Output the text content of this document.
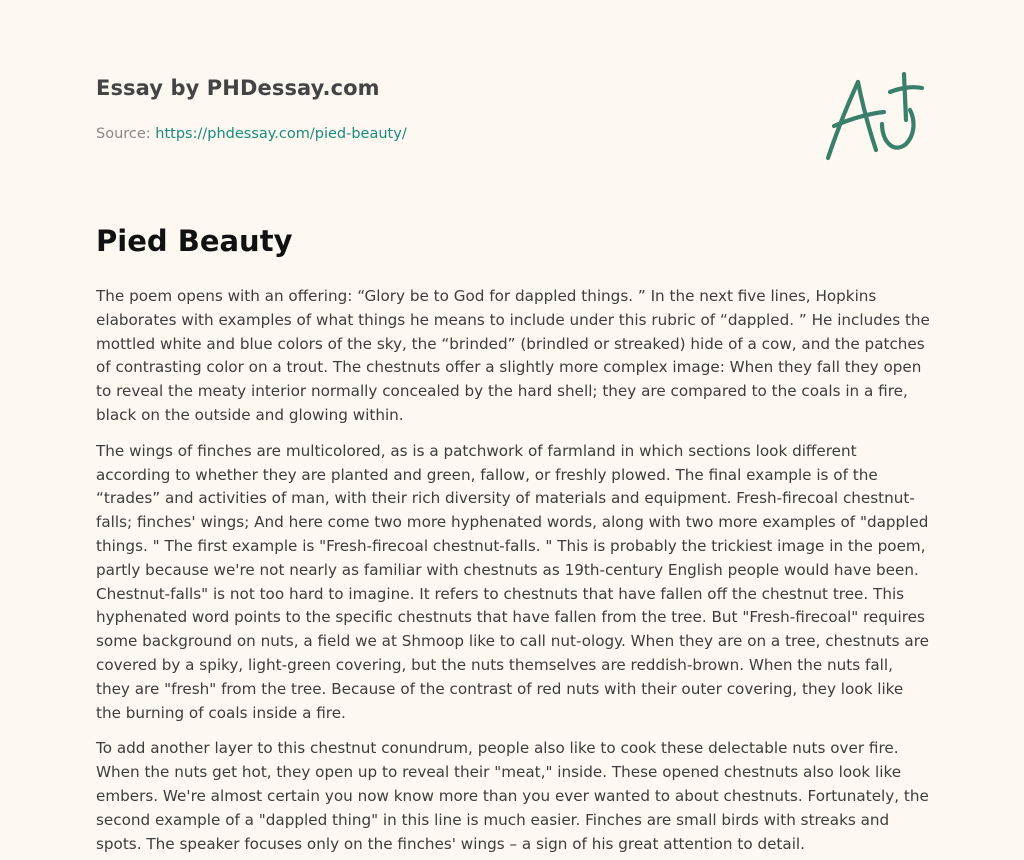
Essay by PHDessay.com
Source: https://phdessay.com/pied-beauty/
Pied Beauty

The poem opens with an offering: “Glory be to God for dappled things. ” In the next five lines, Hopkins elaborates with examples of what things he means to include under this rubric of “dappled. ” He includes the mottled white and blue colors of the sky, the “brinded” (brindled or streaked) hide of a cow, and the patches of contrasting color on a trout. The chestnuts offer a slightly more complex image: When they fall they open to reveal the meaty interior normally concealed by the hard shell; they are compared to the coals in a fire, black on the outside and glowing within.

The wings of finches are multicolored, as is a patchwork of farmland in which sections look different according to whether they are planted and green, fallow, or freshly plowed. The final example is of the “trades” and activities of man, with their rich diversity of materials and equipment. Fresh-firecoal chestnut-falls; finches' wings; And here come two more hyphenated words, along with two more examples of "dappled things. " The first example is "Fresh-firecoal chestnut-falls. " This is probably the trickiest image in the poem, partly because we're not nearly as familiar with chestnuts as 19th-century English people would have been. Chestnut-falls" is not too hard to imagine. It refers to chestnuts that have fallen off the chestnut tree. This hyphenated word points to the specific chestnuts that have fallen from the tree. But "Fresh-firecoal" requires some background on nuts, a field we at Shmoop like to call nut-ology. When they are on a tree, chestnuts are covered by a spiky, light-green covering, but the nuts themselves are reddish-brown. When the nuts fall, they are "fresh" from the tree. Because of the contrast of red nuts with their outer covering, they look like the burning of coals inside a fire.

To add another layer to this chestnut conundrum, people also like to cook these delectable nuts over fire. When the nuts get hot, they open up to reveal their "meat," inside. These opened chestnuts also look like embers. We're almost certain you now know more than you ever wanted to about chestnuts. Fortunately, the second example of a "dappled thing" in this line is much easier. Finches are small birds with streaks and spots. The speaker focuses only on the finches' wings – a sign of his great attention to detail.
